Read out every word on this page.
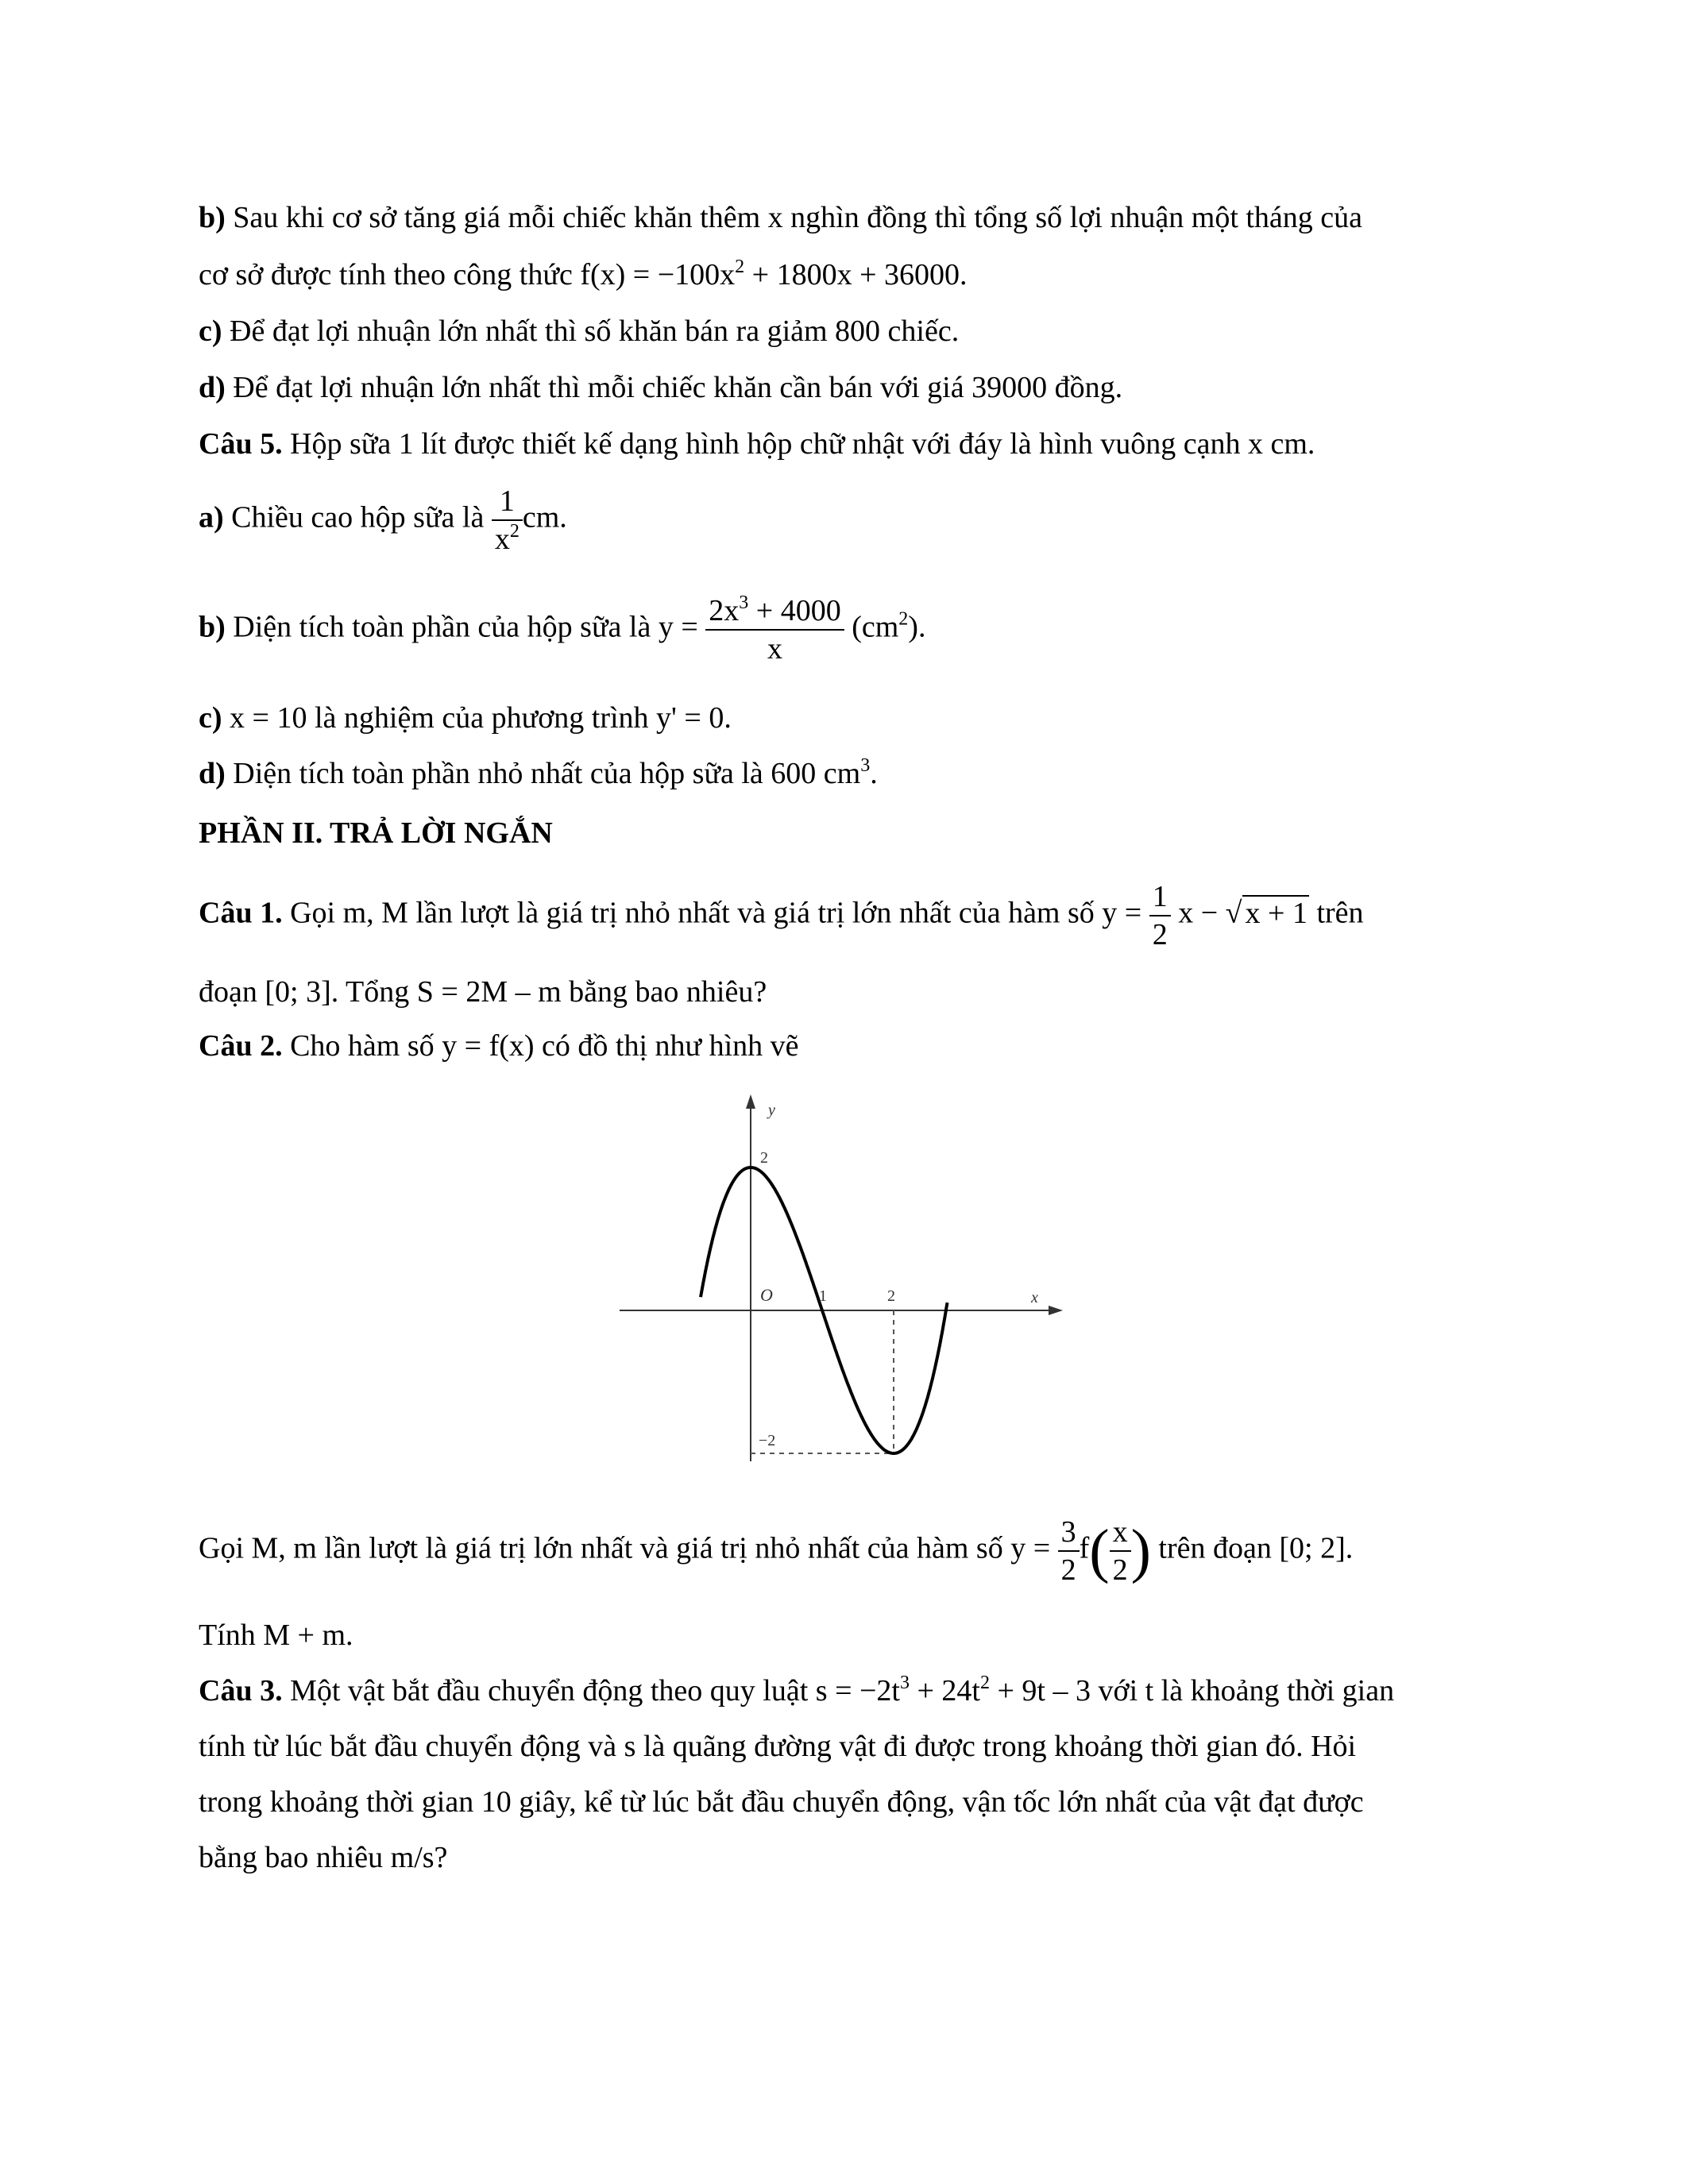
b) Sau khi cơ sở tăng giá mỗi chiếc khăn thêm x nghìn đồng thì tổng số lợi nhuận một tháng của
cơ sở được tính theo công thức $f(x) = -100x^2 + 1800x + 36000$.
c) Để đạt lợi nhuận lớn nhất thì số khăn bán ra giảm 800 chiếc.
d) Để đạt lợi nhuận lớn nhất thì mỗi chiếc khăn cần bán với giá 39000 đồng.
Câu 5. Hộp sữa 1 lít được thiết kế dạng hình hộp chữ nhật với đáy là hình vuông cạnh x cm.
a) Chiều cao hộp sữa là $\frac{1}{x^2}$ cm.
b) Diện tích toàn phần của hộp sữa là $y = \frac{2x^3 + 4000}{x} (cm^2)$.
c) x = 10 là nghiệm của phương trình y' = 0.
d) Diện tích toàn phần nhỏ nhất của hộp sữa là 600 $cm^3$.
PHẦN II. TRẢ LỜI NGẮN
Câu 1. Gọi m, M lần lượt là giá trị nhỏ nhất và giá trị lớn nhất của hàm số $y = \frac{1}{2}$ x − √ x + 1 trên
đoạn [0; 3]. Tổng S = 2M – m bằng bao nhiêu?
Câu 2. Cho hàm số y = f(x) có đồ thị như hình vẽ
y
x
O
2
1	2
−2
Gọi M, m lần lượt là giá trị lớn nhất và giá trị nhỏ nhất của hàm số $y = \frac{3}{2} f( \frac{x}{2}$ ) trên đoạn [0; 2].
Tính M + m.
Câu 3. Một vật bắt đầu chuyển động theo quy luật $s = -2t^3 + 24t^2 + 9t - 3$ với t là khoảng thời gian
tính từ lúc bắt đầu chuyển động và s là quãng đường vật đi được trong khoảng thời gian đó. Hỏi
trong khoảng thời gian 10 giây, kể từ lúc bắt đầu chuyển động, vận tốc lớn nhất của vật đạt được
bằng bao nhiêu m/s?
